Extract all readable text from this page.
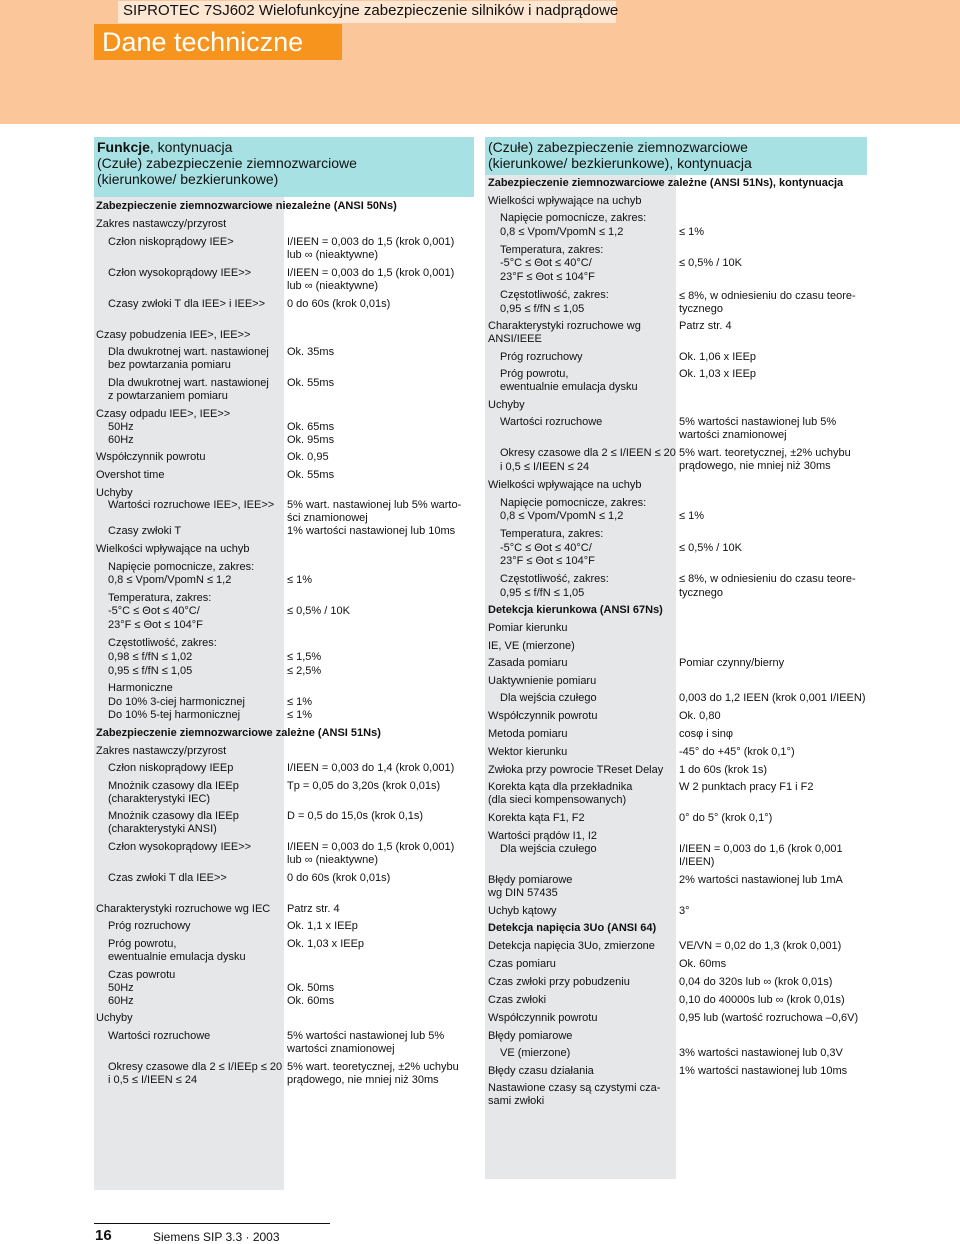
SIPROTEC 7SJ602 Wielofunkcyjne zabezpieczenie silników i nadprądowe
Dane techniczne
Funkcje, kontynuacja
(Czułe) zabezpieczenie ziemnozwarciowe (kierunkowe/ bezkierunkowe)
(Czułe) zabezpieczenie ziemnozwarciowe (kierunkowe/ bezkierunkowe), kontynuacja
Zabezpieczenie ziemnozwarciowe niezależne (ANSI 50Ns)
Zakres nastawczy/przyrost
Człon niskoprądowy IEE>
Człon wysokoprądowy IEE>>
Czasy zwłoki T dla IEE> i IEE>>
Czasy pobudzenia IEE>, IEE>>
Dla dwukrotnej wart. nastawionej
bez powtarzania pomiaru
Dla dwukrotnej wart. nastawionej
z powtarzaniem pomiaru
Czasy odpadu IEE>, IEE>>
50Hz
60Hz
Współczynnik powrotu
Overshot time
Uchyby
Wartości rozruchowe IEE>, IEE>>
Czasy zwłoki T
Wielkości wpływające na uchyb
Napięcie pomocnicze, zakres:
0,8 ≤ Vpom/VpomN ≤ 1,2
Temperatura, zakres:
-5°C ≤ Θot ≤ 40°C/
23°F ≤ Θot ≤ 104°F
Częstotliwość, zakres:
0,98 ≤ f/fN ≤ 1,02
0,95 ≤ f/fN ≤ 1,05
Harmoniczne
Do 10% 3-ciej harmonicznej
Do 10% 5-tej harmonicznej
Zabezpieczenie ziemnozwarciowe zależne (ANSI 51Ns)
Zakres nastawczy/przyrost
Człon niskoprądowy IEEp
Mnożnik czasowy dla IEEp
(charakterystyki IEC)
Mnożnik czasowy dla IEEp
(charakterystyki ANSI)
Człon wysokoprądowy IEE>>
Czas zwłoki T dla IEE>>
Charakterystyki rozruchowe wg IEC
Próg rozruchowy
Próg powrotu,
ewentualnie emulacja dysku
Czas powrotu
50Hz
60Hz
Uchyby
Wartości rozruchowe
Okresy czasowe dla 2 ≤ I/IEEp ≤ 20
i 0,5 ≤ I/IEEN ≤ 24
I/IEEN = 0,003 do 1,5 (krok 0,001)
lub ∞ (nieaktywne)
I/IEEN = 0,003 do 1,5 (krok 0,001)
lub ∞ (nieaktywne)
0 do 60s (krok 0,01s)
Ok. 35ms
Ok. 55ms
Ok. 65ms
Ok. 95ms
Ok. 0,95
Ok. 55ms
5% wart. nastawionej lub 5% warto-
ści znamionowej
1% wartości nastawionej lub 10ms
≤ 1%
≤ 0,5% / 10K
≤ 1,5%
≤ 2,5%
≤ 1%
≤ 1%
I/IEEN = 0,003 do 1,4 (krok 0,001)
Tp = 0,05 do 3,20s (krok 0,01s)
D = 0,5 do 15,0s (krok 0,1s)
I/IEEN = 0,003 do 1,5 (krok 0,001)
lub ∞ (nieaktywne)
0 do 60s (krok 0,01s)
Patrz str. 4
Ok. 1,1 x IEEp
Ok. 1,03 x IEEp
Ok. 50ms
Ok. 60ms
5% wartości nastawionej lub 5%
wartości znamionowej
5% wart. teoretycznej, ±2% uchybu
prądowego, nie mniej niż 30ms
Zabezpieczenie ziemnozwarciowe zależne (ANSI 51Ns), kontynuacja
Wielkości wpływające na uchyb
Napięcie pomocnicze, zakres:
0,8 ≤ Vpom/VpomN ≤ 1,2
Temperatura, zakres:
-5°C ≤ Θot ≤ 40°C/
23°F ≤ Θot ≤ 104°F
Częstotliwość, zakres:
0,95 ≤ f/fN ≤ 1,05
Charakterystyki rozruchowe wg
ANSI/IEEE
Próg rozruchowy
Próg powrotu,
ewentualnie emulacja dysku
Uchyby
Wartości rozruchowe
Okresy czasowe dla 2 ≤ I/IEEN ≤ 20
i 0,5 ≤ I/IEEN ≤ 24
Wielkości wpływające na uchyb
Napięcie pomocnicze, zakres:
0,8 ≤ Vpom/VpomN ≤ 1,2
Temperatura, zakres:
-5°C ≤ Θot ≤ 40°C/
23°F ≤ Θot ≤ 104°F
Częstotliwość, zakres:
0,95 ≤ f/fN ≤ 1,05
Detekcja kierunkowa (ANSI 67Ns)
Pomiar kierunku
IE, VE (mierzone)
Zasada pomiaru
Uaktywnienie pomiaru
Dla wejścia czułego
Współczynnik powrotu
Metoda pomiaru
Wektor kierunku
Zwłoka przy powrocie TReset Delay
Korekta kąta dla przekładnika
(dla sieci kompensowanych)
Korekta kąta F1, F2
Wartości prądów I1, I2
Dla wejścia czułego
Błędy pomiarowe
wg DIN 57435
Uchyb kątowy
Detekcja napięcia 3Uo (ANSI 64)
Detekcja napięcia 3Uo, zmierzone
Czas pomiaru
Czas zwłoki przy pobudzeniu
Czas zwłoki
Współczynnik powrotu
Błędy pomiarowe
VE (mierzone)
Błędy czasu działania
Nastawione czasy są czystymi cza-
sami zwłoki
≤ 1%
≤ 0,5% / 10K
≤ 8%, w odniesieniu do czasu teore-
tycznego
Patrz str. 4
Ok. 1,06 x IEEp
Ok. 1,03 x IEEp
5% wartości nastawionej lub 5%
wartości znamionowej
5% wart. teoretycznej, ±2% uchybu
prądowego, nie mniej niż 30ms
≤ 1%
≤ 0,5% / 10K
≤ 8%, w odniesieniu do czasu teore-
tycznego
Pomiar czynny/bierny
0,003 do 1,2 IEEN (krok 0,001 I/IEEN)
Ok. 0,80
cosφ i sinφ
-45° do +45° (krok 0,1°)
1 do 60s (krok 1s)
W 2 punktach pracy F1 i F2
0° do 5° (krok 0,1°)
I/IEEN = 0,003 do 1,6 (krok 0,001
I/IEEN)
2% wartości nastawionej lub 1mA
3°
VE/VN = 0,02 do 1,3 (krok 0,001)
Ok. 60ms
0,04 do 320s lub ∞ (krok 0,01s)
0,10 do 40000s lub ∞ (krok 0,01s)
0,95 lub (wartość rozruchowa –0,6V)
3% wartości nastawionej lub 0,3V
1% wartości nastawionej lub 10ms
16	Siemens SIP 3.3 · 2003
